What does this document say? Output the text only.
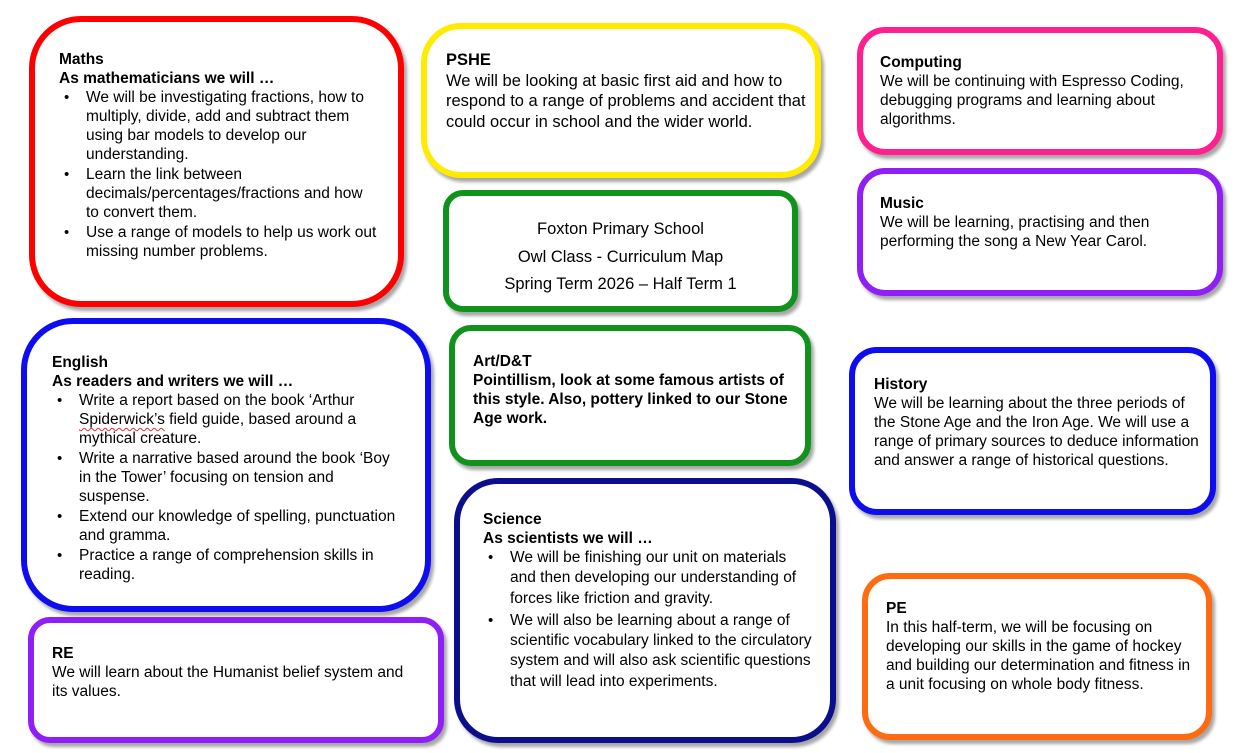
Maths
As mathematicians we will …
• We will be investigating fractions, how to multiply, divide, add and subtract them using bar models to develop our understanding.
• Learn the link between decimals/percentages/fractions and how to convert them.
• Use a range of models to help us work out missing number problems.
PSHE

We will be looking at basic first aid and how to respond to a range of problems and accident that could occur in school and the wider world.

Computing

We will be continuing with Espresso Coding, debugging programs and learning about algorithms.

Foxton Primary School
Owl Class - Curriculum Map
Spring Term 2026 – Half Term 1
Music

We will be learning, practising and then performing the song a New Year Carol.

English
As readers and writers we will …
• Write a report based on the book ‘Arthur Spiderwick’s field guide, based around a mythical creature.
• Write a narrative based around the book ‘Boy in the Tower’ focusing on tension and suspense.
• Extend our knowledge of spelling, punctuation and gramma.
• Practice a range of comprehension skills in reading.
Art/D&T

Pointillism, look at some famous artists of this style. Also, pottery linked to our Stone Age work.

History

We will be learning about the three periods of the Stone Age and the Iron Age. We will use a range of primary sources to deduce information and answer a range of historical questions.

Science
As scientists we will …
• We will be finishing our unit on materials and then developing our understanding of forces like friction and gravity.
• We will also be learning about a range of scientific vocabulary linked to the circulatory system and will also ask scientific questions that will lead into experiments.
RE

We will learn about the Humanist belief system and its values.

PE

In this half-term, we will be focusing on developing our skills in the game of hockey and building our determination and fitness in a unit focusing on whole body fitness.
